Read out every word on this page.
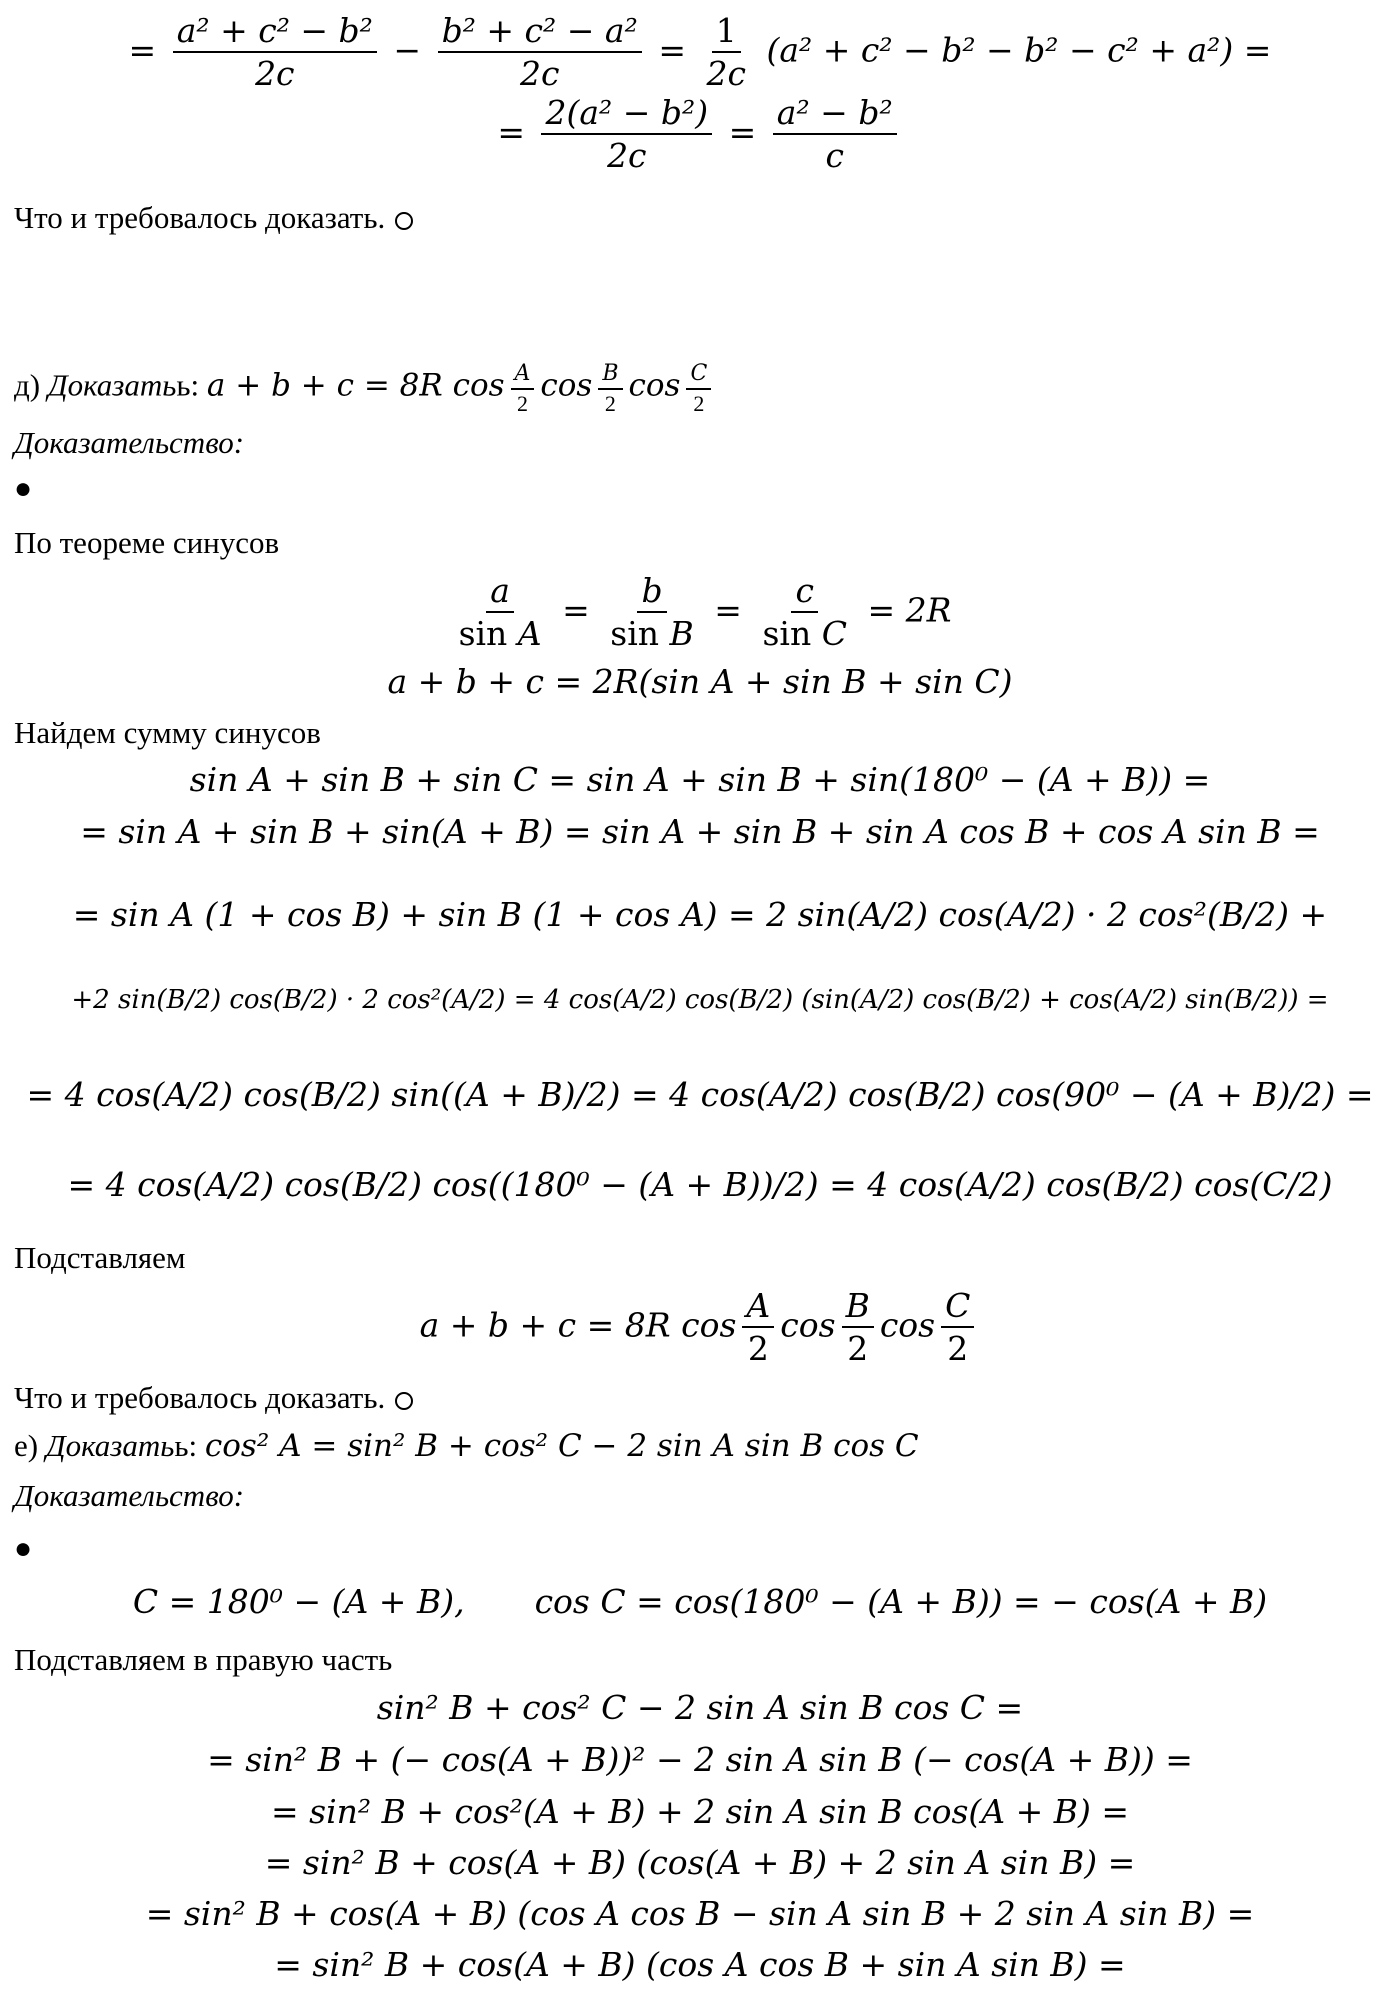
= $\frac{\text{a² + c² − b²}}{2c} - \frac{\text{b² + c² − a²}}{2c} = \frac{1}{2c} (a^2 + c^2 - b^2 - b^2 - c^2 + a^2)$ =
= $\frac{\text{2(a² − b²)}}{2c} = \frac{\text{a² − b²}}{c}$
Что и требовалось доказать.
д) Доказатьь: a + b + c = 8R $\cos \frac{A}{2}$ $\cos \frac{B}{2}$ $\cos \frac{C}{2}$
Доказательство:
●
По теореме синусов
$\frac{a}{\text{sin A}} = \frac{b}{\text{sin B}} = \frac{c}{\text{sin C}} = 2R$
a + b + c = 2R(sin A + sin B + sin C)
Найдем сумму синусов
sin A + sin B + sin C = sin A + sin B + sin(180⁰ − (A + B)) =
= sin A + sin B + sin(A + B) = sin A + sin B + sin A cos B + cos A sin B =
= sin A (1 + cos B) + sin B (1 + cos A) = 2 sin(A/2) cos(A/2) · 2 cos²(B/2) +
+2 sin(B/2) cos(B/2) · 2 cos²(A/2) = 4 cos(A/2) cos(B/2) (sin(A/2) cos(B/2) + cos(A/2) sin(B/2)) =
= 4 cos(A/2) cos(B/2) sin((A + B)/2) = 4 cos(A/2) cos(B/2) cos(90⁰ − (A + B)/2) =
= 4 cos(A/2) cos(B/2) cos((180⁰ − (A + B))/2) = 4 cos(A/2) cos(B/2) cos(C/2)
Подставляем
a + b + c = 8R $\cos \frac{A}{2}$ $\cos \frac{B}{2}$ $\cos \frac{C}{2}$
Что и требовалось доказать.
е) Доказатьь: cos² A = sin² B + cos² C − 2 sin A sin B cos C
Доказательство:
●
C = 180⁰ − (A + B), cos C = cos(180⁰ − (A + B)) = − cos(A + B)
Подставляем в правую часть
sin² B + cos² C − 2 sin A sin B cos C =
= sin² B + (− cos(A + B))² − 2 sin A sin B (− cos(A + B)) =
= sin² B + cos²(A + B) + 2 sin A sin B cos(A + B) =
= sin² B + cos(A + B) (cos(A + B) + 2 sin A sin B) =
= sin² B + cos(A + B) (cos A cos B − sin A sin B + 2 sin A sin B) =
= sin² B + cos(A + B) (cos A cos B + sin A sin B) =
